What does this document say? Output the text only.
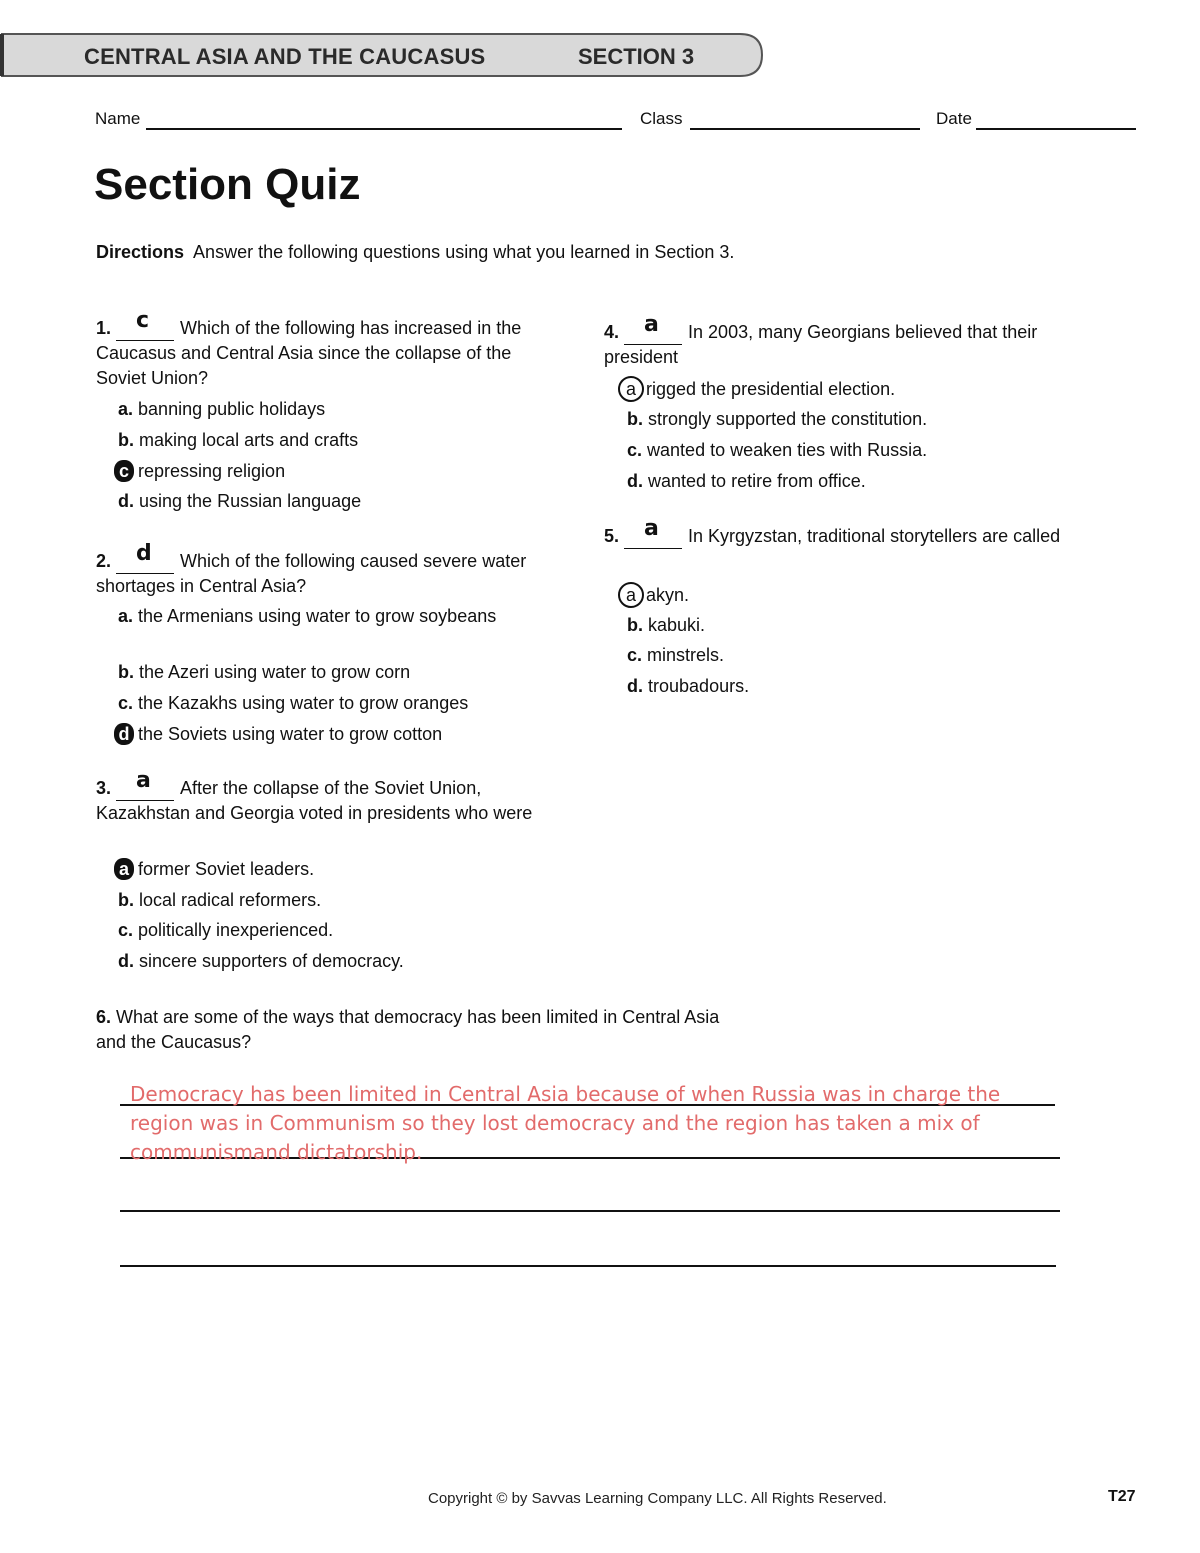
CENTRAL ASIA AND THE CAUCASUS	SECTION 3
Name	Class	Date
Section Quiz
Directions Answer the following questions using what you learned in Section 3.
1. c Which of the following has increased in the Caucasus and Central Asia since the collapse of the Soviet Union?
a. banning public holidays
b. making local arts and crafts
c repressing religion
d. using the Russian language
2. d Which of the following caused severe water shortages in Central Asia?
a. the Armenians using water to grow soybeans
b. the Azeri using water to grow corn
c. the Kazakhs using water to grow oranges
d the Soviets using water to grow cotton
3. a After the collapse of the Soviet Union, Kazakhstan and Georgia voted in presidents who were
a former Soviet leaders.
b. local radical reformers.
c. politically inexperienced.
d. sincere supporters of democracy.
4. a In 2003, many Georgians believed that their president
a rigged the presidential election.
b. strongly supported the constitution.
c. wanted to weaken ties with Russia.
d. wanted to retire from office.
5. a In Kyrgyzstan, traditional storytellers are called
a akyn.
b. kabuki.
c. minstrels.
d. troubadours.
6. What are some of the ways that democracy has been limited in Central Asia and the Caucasus?
Democracy has been limited in Central Asia because of when Russia was in charge the region was in Communism so they lost democracy and the region has taken a mix of communismand dictatorship.
Copyright © by Savvas Learning Company LLC. All Rights Reserved.	T27
